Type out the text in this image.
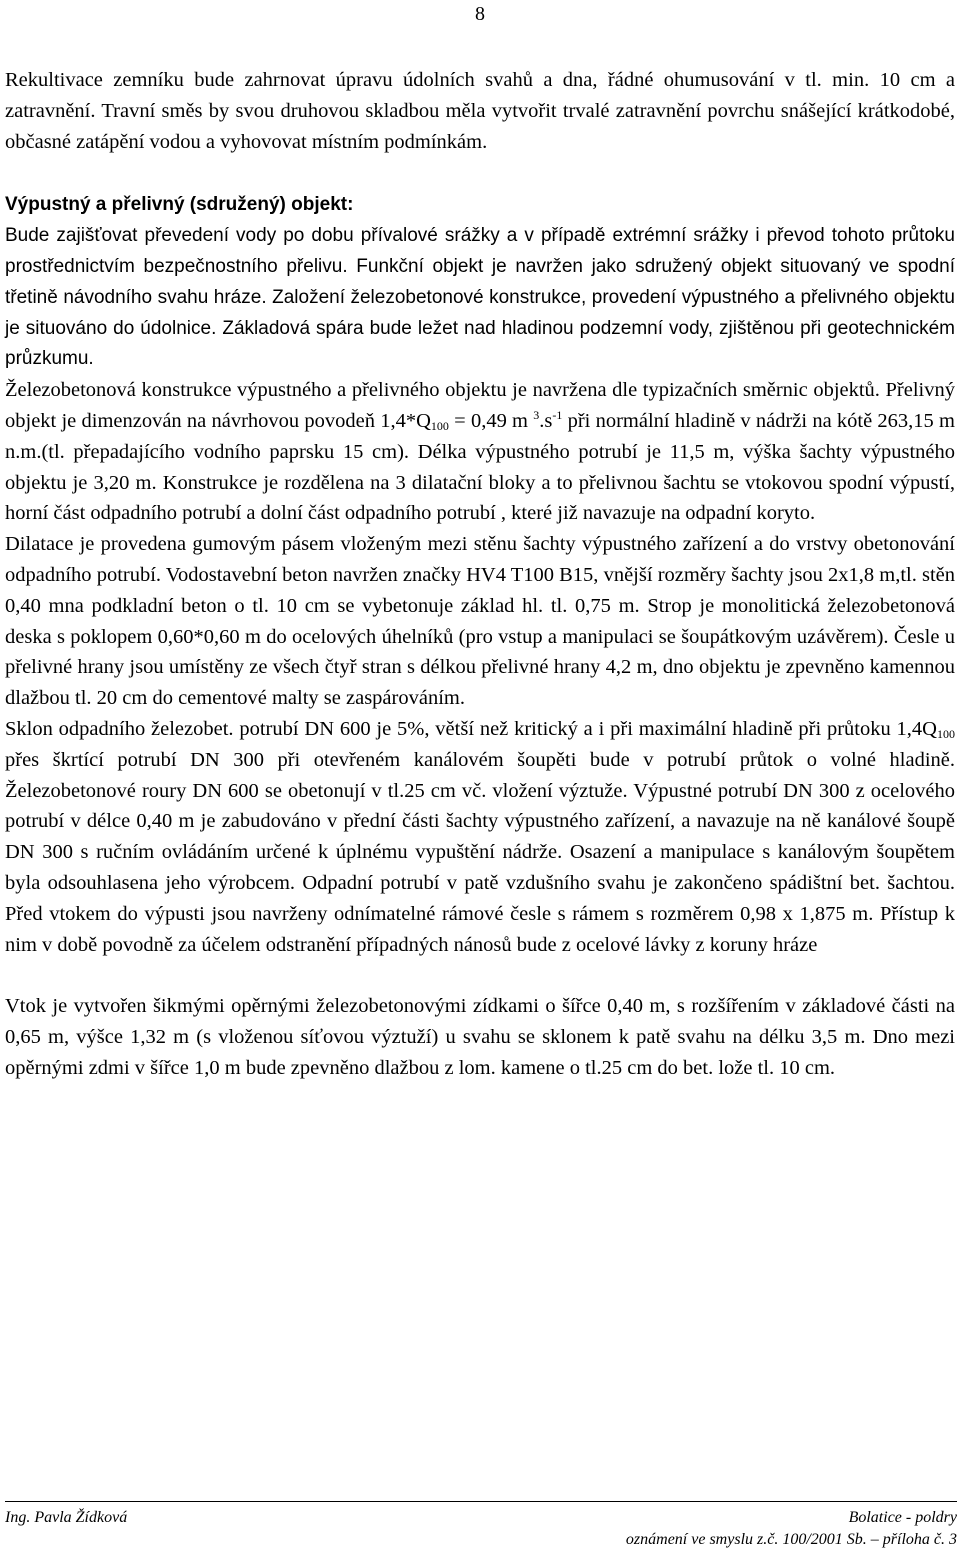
8

Rekultivace zemníku bude zahrnovat úpravu údolních svahů a dna, řádné ohumusování v tl. min. 10 cm a zatravnění. Travní směs by svou druhovou skladbou měla vytvořit trvalé zatravnění povrchu snášející krátkodobé, občasné zatápění vodou a vyhovovat místním podmínkám.

Výpustný a přelivný (sdružený) objekt:

Bude zajišťovat převedení vody po dobu přívalové srážky a v případě extrémní srážky i převod tohoto průtoku prostřednictvím bezpečnostního přelivu. Funkční objekt je navržen jako sdružený objekt situovaný ve spodní třetině návodního svahu hráze. Založení železobetonové konstrukce, provedení výpustného a přelivného objektu je situováno do údolnice. Základová spára bude ležet nad hladinou podzemní vody, zjištěnou při geotechnickém průzkumu.

Železobetonová konstrukce výpustného a přelivného objektu je navržena dle typizačních směrnic objektů. Přelivný objekt je dimenzován na návrhovou povodeň $1,4*Q_{100} = 0,49$ m $^3.s^{-1}$ při normální hladině v nádrži na kótě 263,15 m n.m.(tl. přepadajícího vodního paprsku 15 cm). Délka výpustného potrubí je 11,5 m, výška šachty výpustného objektu je 3,20 m. Konstrukce je rozdělena na 3 dilatační bloky a to přelivnou šachtu se vtokovou spodní výpustí, horní část odpadního potrubí a dolní část odpadního potrubí , které již navazuje na odpadní koryto.

Dilatace je provedena gumovým pásem vloženým mezi stěnu šachty výpustného zařízení a do vrstvy obetonování odpadního potrubí. Vodostavební beton navržen značky HV4 T100 B15, vnější rozměry šachty jsou 2x1,8 m,tl. stěn 0,40 mna podkladní beton o tl. 10 cm se vybetonuje základ hl. tl. 0,75 m. Strop je monolitická železobetonová deska s poklopem 0,60*0,60 m do ocelových úhelníků (pro vstup a manipulaci se šoupátkovým uzávěrem). Česle u přelivné hrany jsou umístěny ze všech čtyř stran s délkou přelivné hrany 4,2 m, dno objektu je zpevněno kamennou dlažbou tl. 20 cm do cementové malty se zaspárováním.

Sklon odpadního železobet. potrubí DN 600 je 5%, větší než kritický a i při maximální hladině při průtoku $1,4Q_{100}$ přes škrtící potrubí DN 300 při otevřeném kanálovém šoupěti bude v potrubí průtok o volné hladině. Železobetonové roury DN 600 se obetonují v tl.25 cm vč. vložení výztuže. Výpustné potrubí DN 300 z ocelového potrubí v délce 0,40 m je zabudováno v přední části šachty výpustného zařízení, a navazuje na ně kanálové šoupě DN 300 s ručním ovládáním určené k úplnému vypuštění nádrže. Osazení a manipulace s kanálovým šoupětem byla odsouhlasena jeho výrobcem. Odpadní potrubí v patě vzdušního svahu je zakončeno spádištní bet. šachtou. Před vtokem do výpusti jsou navrženy odnímatelné rámové česle s rámem s rozměrem 0,98 x 1,875 m. Přístup k nim v době povodně za účelem odstranění případných nánosů bude z ocelové lávky z koruny hráze

Vtok je vytvořen šikmými opěrnými železobetonovými zídkami o šířce 0,40 m, s rozšířením v základové části na 0,65 m, výšce 1,32 m (s vloženou síťovou výztuží) u svahu se sklonem k patě svahu na délku 3,5 m. Dno mezi opěrnými zdmi v šířce 1,0 m bude zpevněno dlažbou z lom. kamene o tl.25 cm do bet. lože tl. 10 cm.

Ing. Pavla Žídková	Bolatice - poldry
oznámení ve smyslu z.č. 100/2001 Sb. – příloha č. 3
